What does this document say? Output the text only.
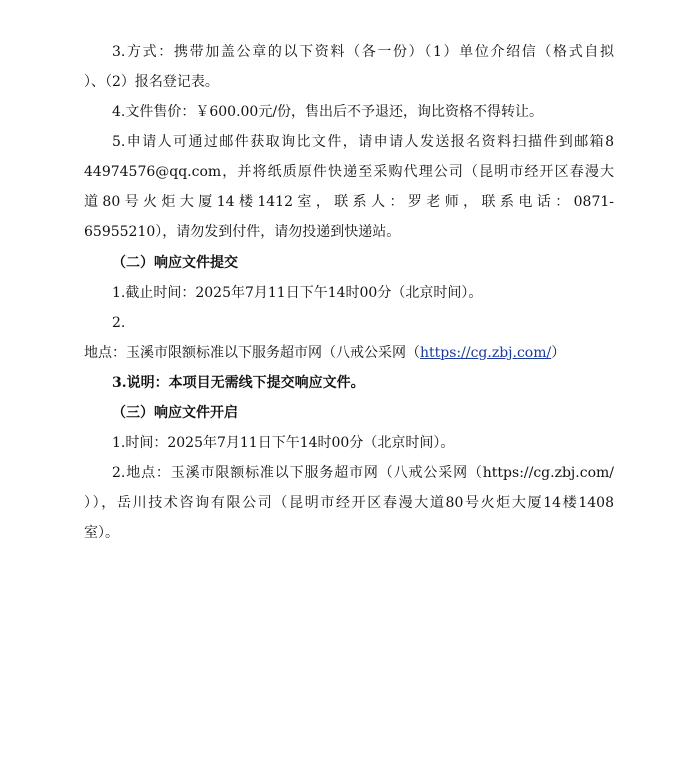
3.方式：携带加盖公章的以下资料（各一份）（1）单位介绍信（格式自拟
）、（2）报名登记表。
4.文件售价：￥600.00元/份，售出后不予退还，询比资格不得转让。
5.申请人可通过邮件获取询比文件，请申请人发送报名资料扫描件到邮箱8
44974576@qq.com，并将纸质原件快递至采购代理公司（昆明市经开区春漫大
道80号火炬大厦14楼1412室，联系人：罗老师，联系电话：0871-
65955210），请勿发到付件，请勿投递到快递站。
（二）响应文件提交
1.截止时间：2025年7月11日下午14时00分（北京时间）。
2.
地点：玉溪市限额标准以下服务超市网（八戒公采网（https://cg.zbj.com/）
3.说明：本项目无需线下提交响应文件。
（三）响应文件开启
1.时间：2025年7月11日下午14时00分（北京时间）。
2.地点：玉溪市限额标准以下服务超市网（八戒公采网（https://cg.zbj.com/
）），岳川技术咨询有限公司（昆明市经开区春漫大道80号火炬大厦14楼1408
室）。
